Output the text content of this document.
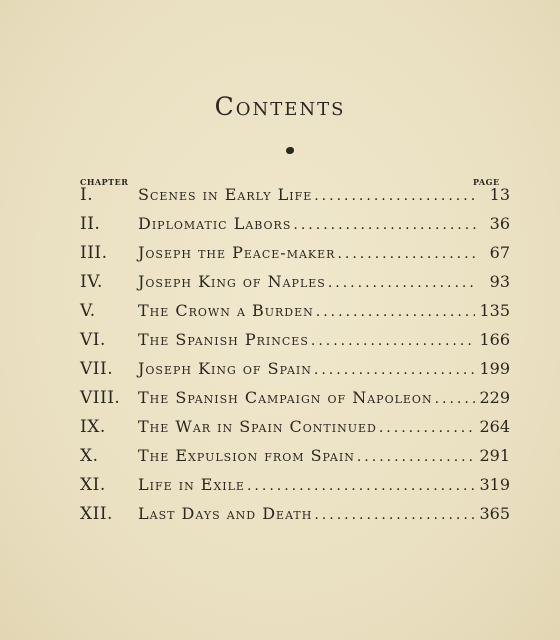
Contents
CHAPTER	PAGE
I.	Scenes in Early Life .....	13
II.	Diplomatic Labors .....	36
III.	Joseph the Peace-maker .....	67
IV.	Joseph King of Naples .....	93
V.	The Crown a Burden .....	135
VI.	The Spanish Princes .....	166
VII.	Joseph King of Spain .....	199
VIII.	The Spanish Campaign of Napoleon .....	229
IX.	The War in Spain Continued .....	264
X.	The Expulsion from Spain .....	291
XI.	Life in Exile .....	319
XII.	Last Days and Death .....	365
